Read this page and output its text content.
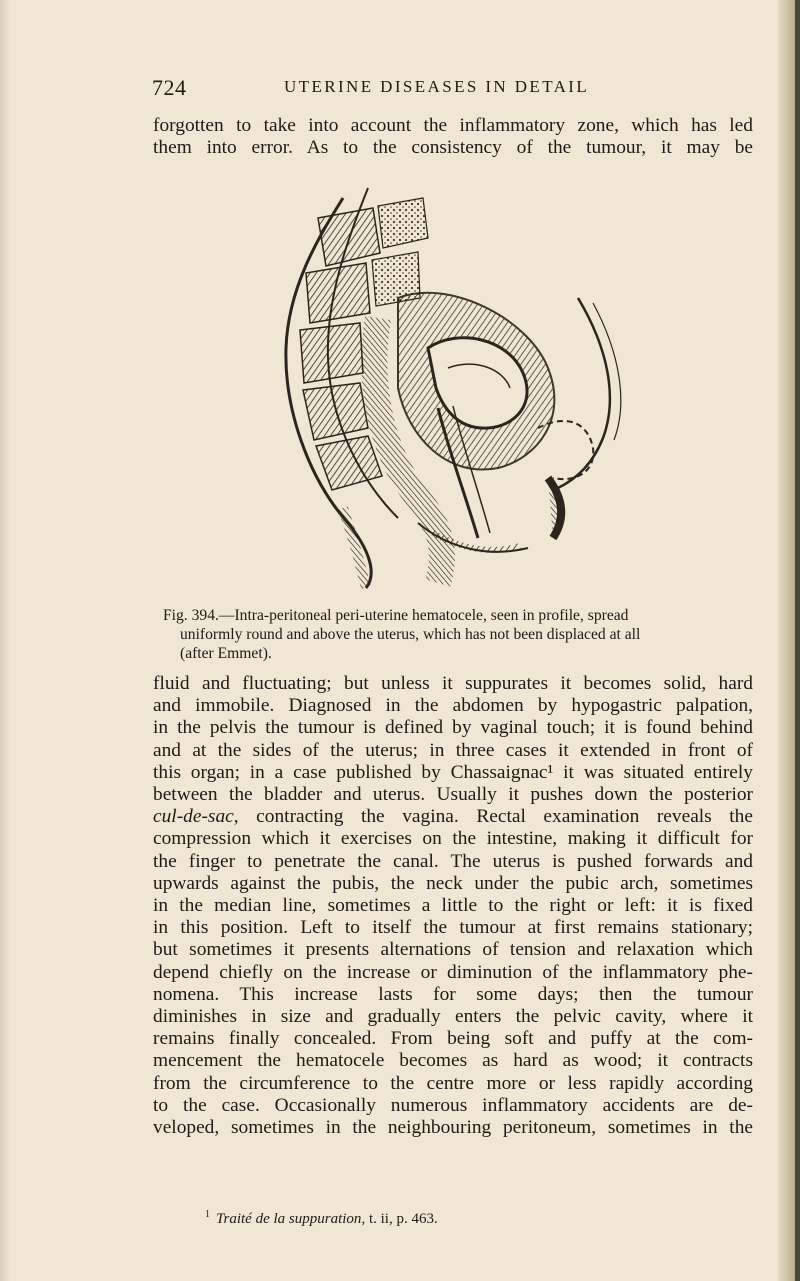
724	UTERINE DISEASES IN DETAIL
forgotten to take into account the inflammatory zone, which has led
them into error. As to the consistency of the tumour, it may be
Fig. 394.—Intra-peritoneal peri-uterine hematocele, seen in profile, spread
uniformly round and above the uterus, which has not been displaced at all
(after Emmet).
fluid and fluctuating; but unless it suppurates it becomes solid, hard
and immobile. Diagnosed in the abdomen by hypogastric palpation,
in the pelvis the tumour is defined by vaginal touch; it is found behind
and at the sides of the uterus; in three cases it extended in front of
this organ; in a case published by Chassaignac¹ it was situated entirely
between the bladder and uterus. Usually it pushes down the posterior
cul-de-sac, contracting the vagina. Rectal examination reveals the
compression which it exercises on the intestine, making it difficult for
the finger to penetrate the canal. The uterus is pushed forwards and
upwards against the pubis, the neck under the pubic arch, sometimes
in the median line, sometimes a little to the right or left: it is fixed
in this position. Left to itself the tumour at first remains stationary;
but sometimes it presents alternations of tension and relaxation which
depend chiefly on the increase or diminution of the inflammatory phe-
nomena. This increase lasts for some days; then the tumour
diminishes in size and gradually enters the pelvic cavity, where it
remains finally concealed. From being soft and puffy at the com-
mencement the hematocele becomes as hard as wood; it contracts
from the circumference to the centre more or less rapidly according
to the case. Occasionally numerous inflammatory accidents are de-
veloped, sometimes in the neighbouring peritoneum, sometimes in the
$^1$ Traité de la suppuration, t. ii, p. 463.
